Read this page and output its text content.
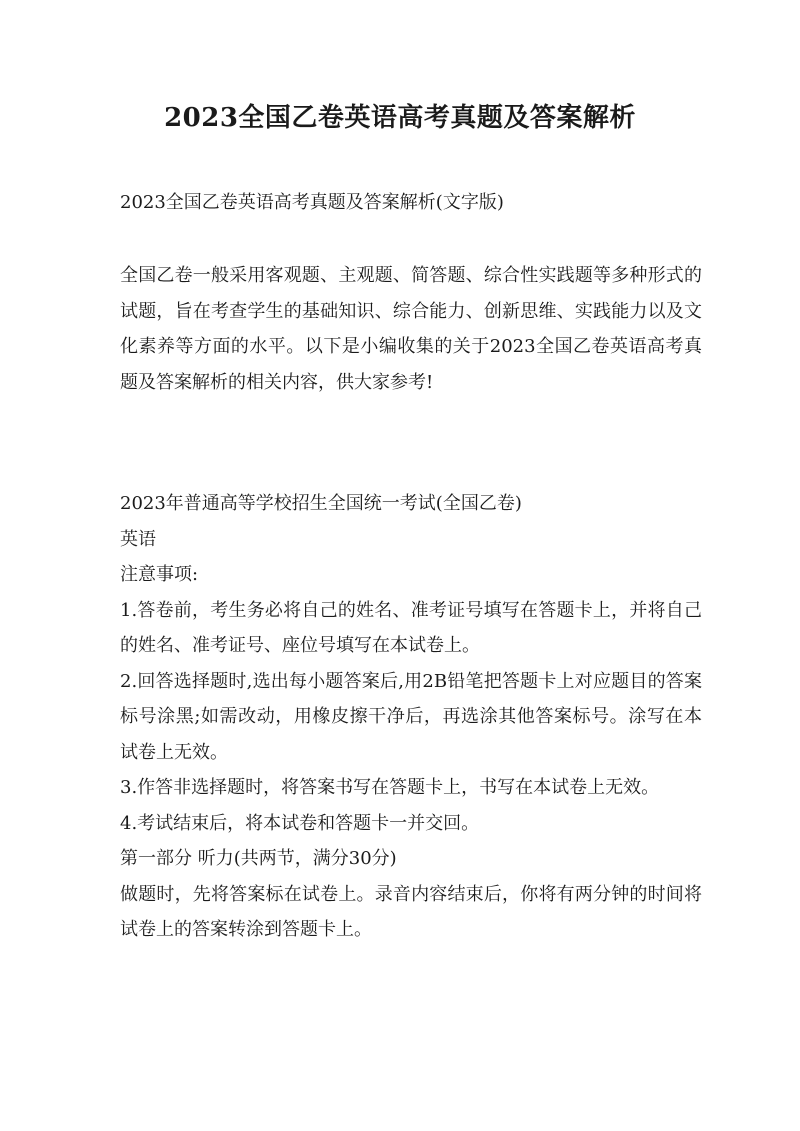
2023全国乙卷英语高考真题及答案解析
2023全国乙卷英语高考真题及答案解析(文字版)
全国乙卷一般采用客观题、主观题、简答题、综合性实践题等多种形式的试题，旨在考查学生的基础知识、综合能力、创新思维、实践能力以及文化素养等方面的水平。以下是小编收集的关于2023全国乙卷英语高考真题及答案解析的相关内容，供大家参考!
2023年普通高等学校招生全国统一考试(全国乙卷)
英语
注意事项:
1.答卷前，考生务必将自己的姓名、准考证号填写在答题卡上，并将自己的姓名、准考证号、座位号填写在本试卷上。
2.回答选择题时,选出每小题答案后,用2B铅笔把答题卡上对应题目的答案标号涂黑;如需改动，用橡皮擦干净后，再选涂其他答案标号。涂写在本试卷上无效。
3.作答非选择题时，将答案书写在答题卡上，书写在本试卷上无效。
4.考试结束后，将本试卷和答题卡一并交回。
第一部分 听力(共两节，满分30分)
做题时，先将答案标在试卷上。录音内容结束后，你将有两分钟的时间将试卷上的答案转涂到答题卡上。
